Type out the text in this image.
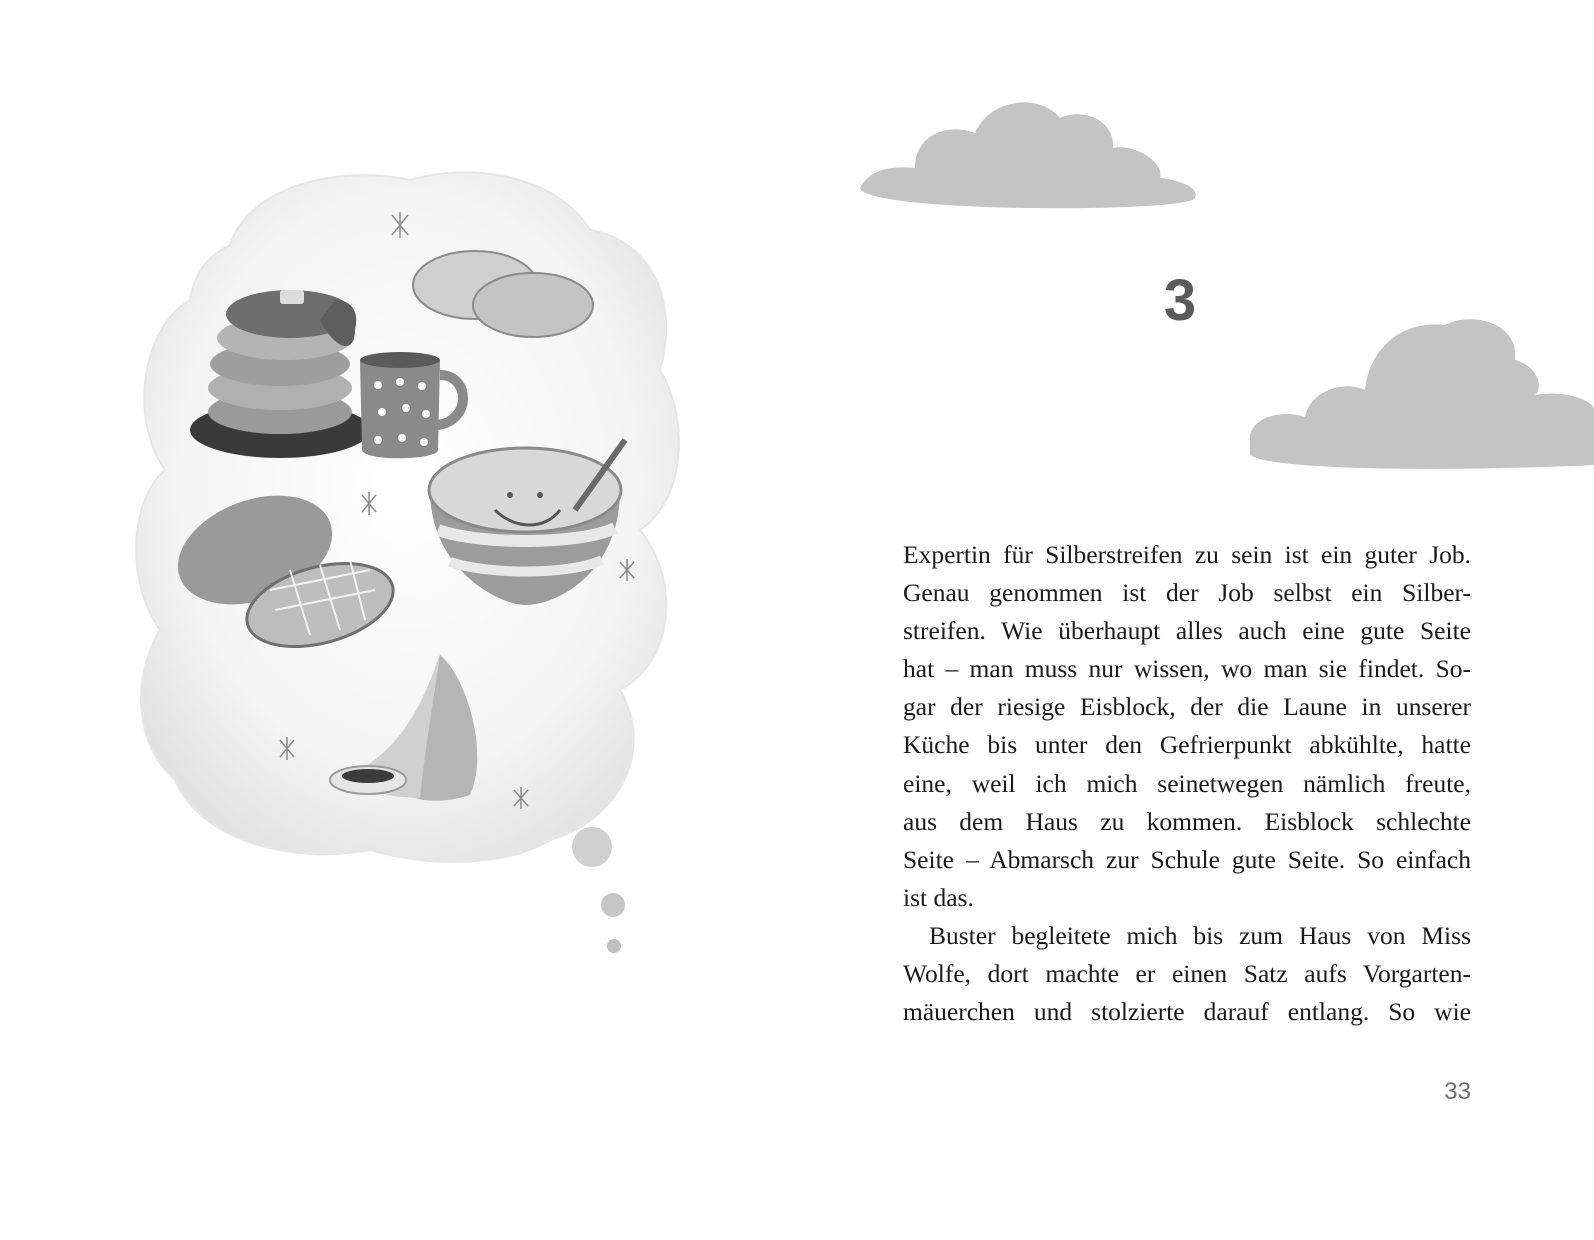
3

Expertin für Silberstreifen zu sein ist ein guter Job.
Genau genommen ist der Job selbst ein Silber-
streifen. Wie überhaupt alles auch eine gute Seite
hat – man muss nur wissen, wo man sie findet. So-
gar der riesige Eisblock, der die Laune in unserer
Küche bis unter den Gefrierpunkt abkühlte, hatte
eine, weil ich mich seinetwegen nämlich freute,
aus dem Haus zu kommen. Eisblock schlechte
Seite – Abmarsch zur Schule gute Seite. So einfach
ist das.

Buster begleitete mich bis zum Haus von Miss
Wolfe, dort machte er einen Satz aufs Vorgarten-
mäuerchen und stolzierte darauf entlang. So wie

33
